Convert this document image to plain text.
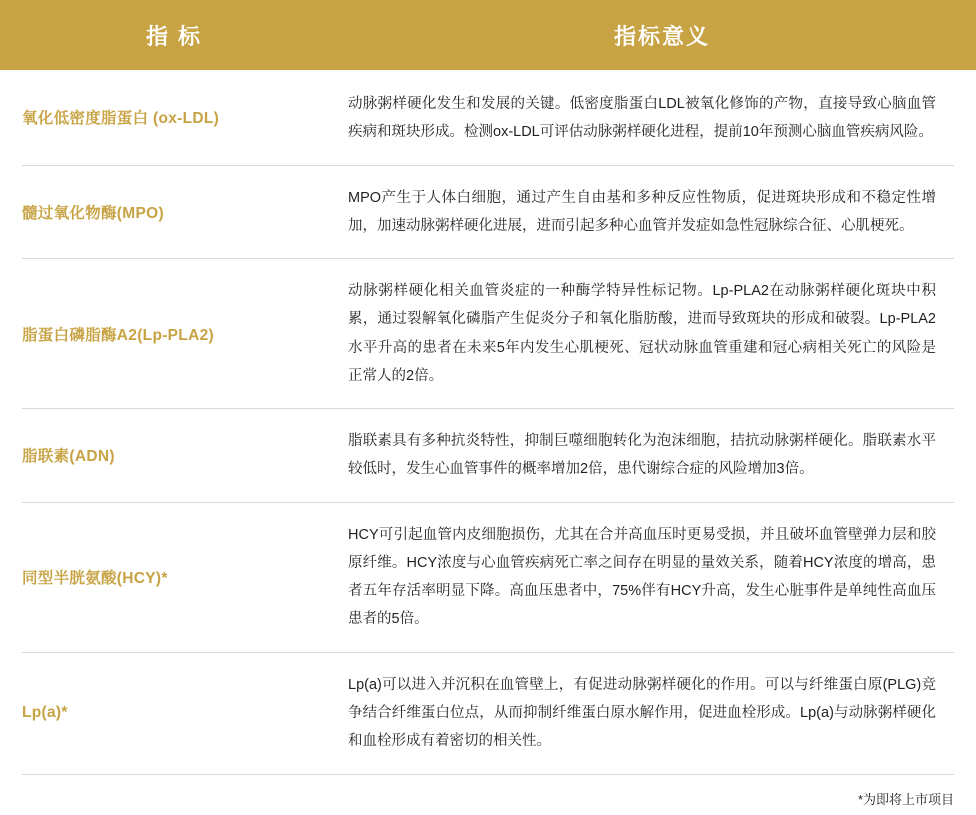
指 标	指标意义
氧化低密度脂蛋白 (ox-LDL)
动脉粥样硬化发生和发展的关键。低密度脂蛋白LDL被氧化修饰的产物，直接导致心脑血管疾病和斑块形成。检测ox-LDL可评估动脉粥样硬化进程，提前10年预测心脑血管疾病风险。
髓过氧化物酶(MPO)
MPO产生于人体白细胞，通过产生自由基和多种反应性物质，促进斑块形成和不稳定性增加，加速动脉粥样硬化进展，进而引起多种心血管并发症如急性冠脉综合征、心肌梗死。
脂蛋白磷脂酶A2(Lp-PLA2)
动脉粥样硬化相关血管炎症的一种酶学特异性标记物。Lp-PLA2在动脉粥样硬化斑块中积累，通过裂解氧化磷脂产生促炎分子和氧化脂肪酸，进而导致斑块的形成和破裂。Lp-PLA2水平升高的患者在未来5年内发生心肌梗死、冠状动脉血管重建和冠心病相关死亡的风险是正常人的2倍。
脂联素(ADN)
脂联素具有多种抗炎特性，抑制巨噬细胞转化为泡沫细胞，拮抗动脉粥样硬化。脂联素水平较低时，发生心血管事件的概率增加2倍，患代谢综合症的风险增加3倍。
同型半胱氨酸(HCY)*
HCY可引起血管内皮细胞损伤，尤其在合并高血压时更易受损，并且破坏血管壁弹力层和胶原纤维。HCY浓度与心血管疾病死亡率之间存在明显的量效关系，随着HCY浓度的增高，患者五年存活率明显下降。高血压患者中，75%伴有HCY升高，发生心脏事件是单纯性高血压患者的5倍。
Lp(a)*
Lp(a)可以进入并沉积在血管壁上，有促进动脉粥样硬化的作用。可以与纤维蛋白原(PLG)竞争结合纤维蛋白位点，从而抑制纤维蛋白原水解作用，促进血栓形成。Lp(a)与动脉粥样硬化和血栓形成有着密切的相关性。
*为即将上市项目
